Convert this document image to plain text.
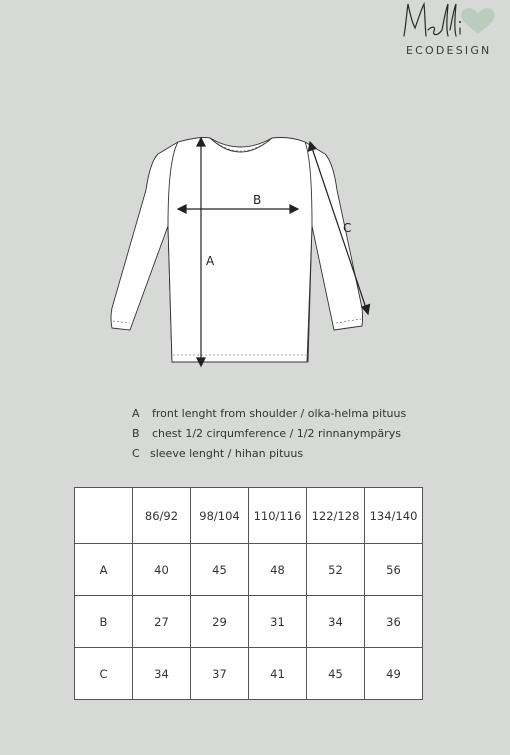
ECODESIGN
A
B
C
A front lenght from shoulder / olka-helma pituus
B chest 1/2 cirqumference / 1/2 rinnanympärys
C sleeve lenght / hihan pituus
	86/92	98/104	110/116	122/128	134/140
A	40	45	48	52	56
B	27	29	31	34	36
C	34	37	41	45	49
